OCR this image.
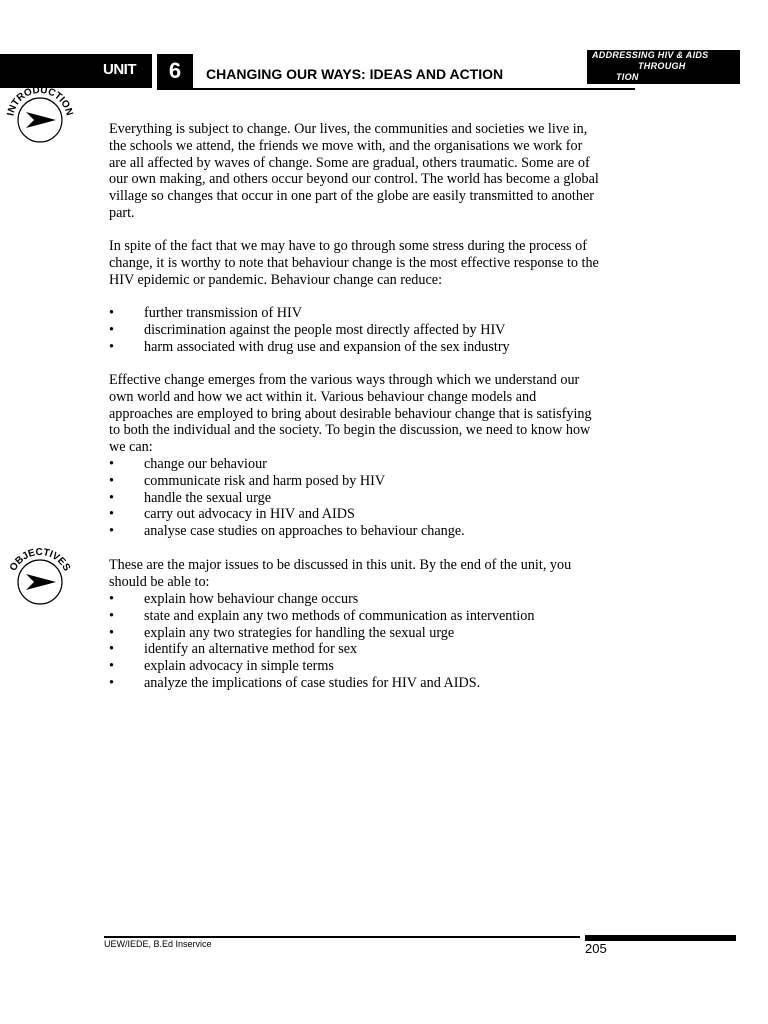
UNIT	6	CHANGING OUR WAYS: IDEAS AND ACTION
ADDRESSING HIV & AIDS
THROUGH
TION
INTRODUCTION

Everything is subject to change. Our lives, the communities and societies we live in, the schools we attend, the friends we move with, and the organisations we work for are all affected by waves of change. Some are gradual, others traumatic. Some are of our own making, and others occur beyond our control. The world has become a global village so changes that occur in one part of the globe are easily transmitted to another part.

In spite of the fact that we may have to go through some stress during the process of change, it is worthy to note that behaviour change is the most effective response to the HIV epidemic or pandemic. Behaviour change can reduce:

• further transmission of HIV
• discrimination against the people most directly affected by HIV
• harm associated with drug use and expansion of the sex industry

Effective change emerges from the various ways through which we understand our own world and how we act within it. Various behaviour change models and approaches are employed to bring about desirable behaviour change that is satisfying to both the individual and the society. To begin the discussion, we need to know how we can:

• change our behaviour
• communicate risk and harm posed by HIV
• handle the sexual urge
• carry out advocacy in HIV and AIDS
• analyse case studies on approaches to behaviour change.
OBJECTIVES	These are the major issues to be discussed in this unit. By the end of the unit, you should be able to:

• explain how behaviour change occurs
• state and explain any two methods of communication as intervention
• explain any two strategies for handling the sexual urge
• identify an alternative method for sex
• explain advocacy in simple terms
• analyze the implications of case studies for HIV and AIDS.
UEW/IEDE, B.Ed Inservice	205
